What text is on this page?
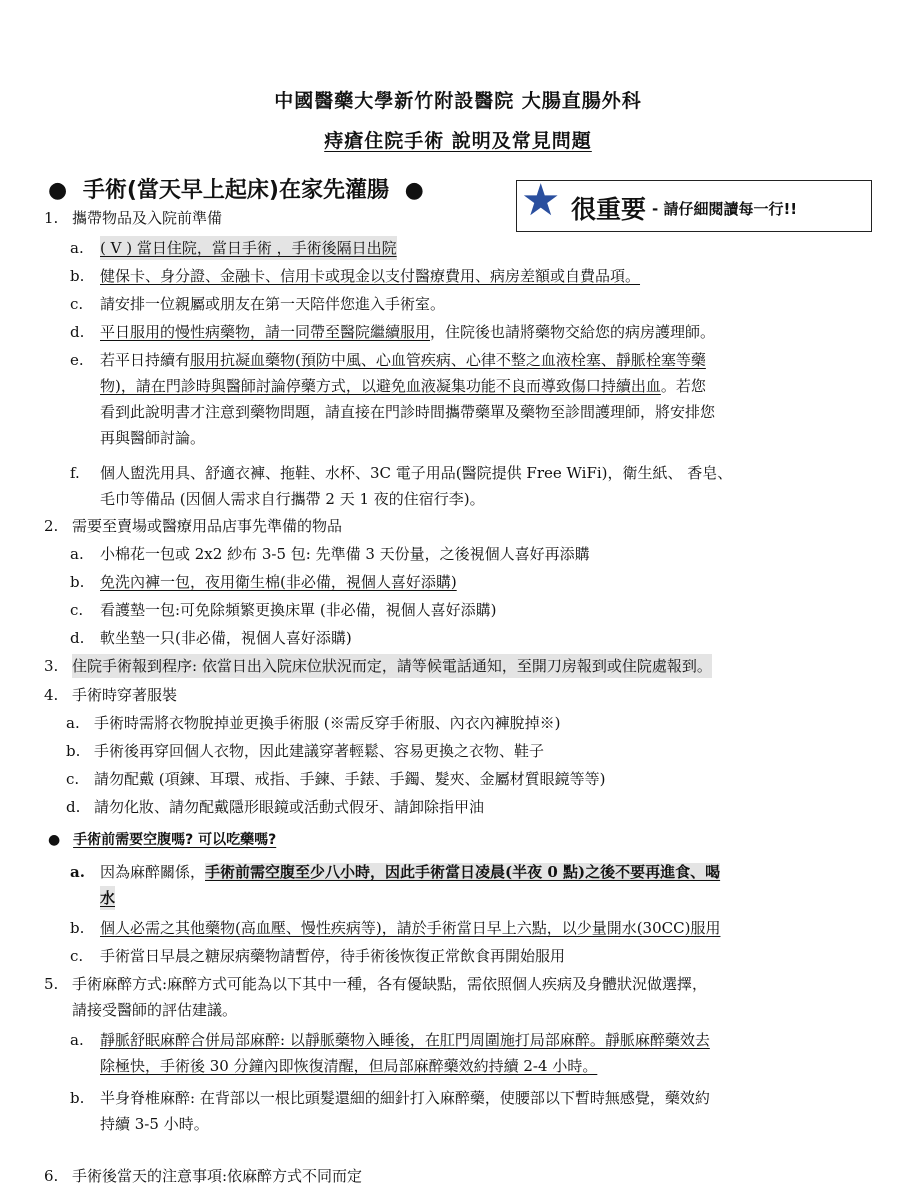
中國醫藥大學新竹附設醫院 大腸直腸外科
痔瘡住院手術 說明及常見問題
● 手術(當天早上起床)在家先灌腸 ● ★ 很重要 - 請仔細閱讀每一行!!
1. 攜帶物品及入院前準備
a. ( V ) 當日住院，當日手術 ，手術後隔日出院
b. 健保卡、身分證、金融卡、信用卡或現金以支付醫療費用、病房差額或自費品項。
c. 請安排一位親屬或朋友在第一天陪伴您進入手術室。
d. 平日服用的慢性病藥物，請一同帶至醫院繼續服用，住院後也請將藥物交給您的病房護理師。
e. 若平日持續有服用抗凝血藥物(預防中風、心血管疾病、心律不整之血液栓塞、靜脈栓塞等藥
物)，請在門診時與醫師討論停藥方式，以避免血液凝集功能不良而導致傷口持續出血。若您
看到此說明書才注意到藥物問題，請直接在門診時間攜帶藥單及藥物至診間護理師，將安排您
再與醫師討論。
f. 個人盥洗用具、舒適衣褲、拖鞋、水杯、3C 電子用品(醫院提供 Free WiFi)，衛生紙、 香皂、
毛巾等備品 (因個人需求自行攜帶 2 天 1 夜的住宿行李)。
2. 需要至賣場或醫療用品店事先準備的物品
a. 小棉花一包或 2x2 紗布 3-5 包: 先準備 3 天份量，之後視個人喜好再添購
b. 免洗內褲一包，夜用衛生棉(非必備，視個人喜好添購)
c. 看護墊一包:可免除頻繁更換床單 (非必備，視個人喜好添購)
d. 軟坐墊一只(非必備，視個人喜好添購)
3. 住院手術報到程序: 依當日出入院床位狀況而定，請等候電話通知，至開刀房報到或住院處報到。
4. 手術時穿著服裝
a. 手術時需將衣物脫掉並更換手術服 (※需反穿手術服、內衣內褲脫掉※)
b. 手術後再穿回個人衣物，因此建議穿著輕鬆、容易更換之衣物、鞋子
c. 請勿配戴 (項鍊、耳環、戒指、手鍊、手錶、手鐲、髮夾、金屬材質眼鏡等等)
d. 請勿化妝、請勿配戴隱形眼鏡或活動式假牙、請卸除指甲油
● 手術前需要空腹嗎? 可以吃藥嗎?
a. 因為麻醉關係，手術前需空腹至少八小時，因此手術當日凌晨(半夜 0 點)之後不要再進食、喝
水
b. 個人必需之其他藥物(高血壓、慢性疾病等)，請於手術當日早上六點，以少量開水(30CC)服用
c. 手術當日早晨之糖尿病藥物請暫停，待手術後恢復正常飲食再開始服用
5. 手術麻醉方式:麻醉方式可能為以下其中一種，各有優缺點，需依照個人疾病及身體狀況做選擇，
請接受醫師的評估建議。
a. 靜脈舒眠麻醉合併局部麻醉: 以靜脈藥物入睡後，在肛門周圍施打局部麻醉。靜脈麻醉藥效去
除極快，手術後 30 分鐘內即恢復清醒，但局部麻醉藥效約持續 2-4 小時。
b. 半身脊椎麻醉: 在背部以一根比頭髮還細的細針打入麻醉藥，使腰部以下暫時無感覺，藥效約
持續 3-5 小時。
6. 手術後當天的注意事項:依麻醉方式不同而定
